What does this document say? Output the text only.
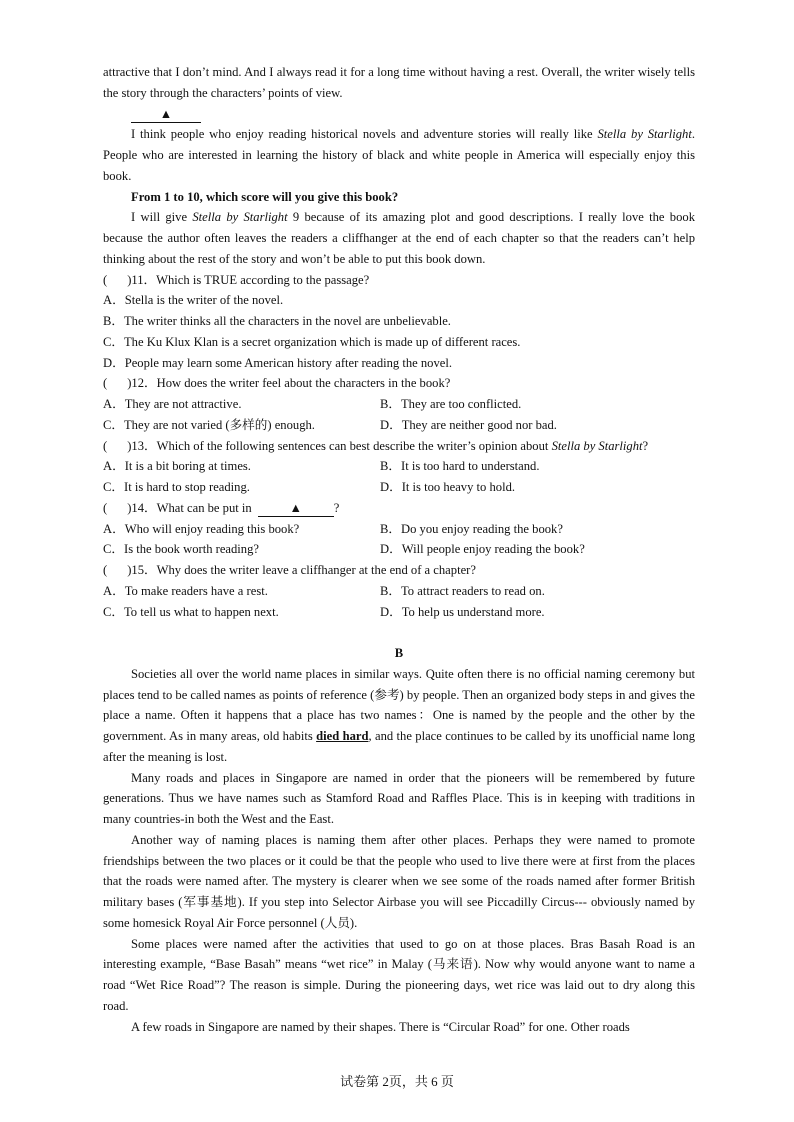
attractive that I don’t mind. And I always read it for a long time without having a rest. Overall, the writer wisely tells the story through the characters’ points of view.

▲

I think people who enjoy reading historical novels and adventure stories will really like Stella by Starlight. People who are interested in learning the history of black and white people in America will especially enjoy this book.

From 1 to 10, which score will you give this book?

I will give Stella by Starlight 9 because of its amazing plot and good descriptions. I really love the book because the author often leaves the readers a cliffhanger at the end of each chapter so that the readers can’t help thinking about the rest of the story and won’t be able to put this book down.

( )11．Which is TRUE according to the passage?

A．Stella is the writer of the novel.

B．The writer thinks all the characters in the novel are unbelievable.

C．The Ku Klux Klan is a secret organization which is made up of different races.

D．People may learn some American history after reading the novel.

( )12．How does the writer feel about the characters in the book?

A．They are not attractive.	B．They are too conflicted.
C．They are not varied (多样的) enough.	D．They are neither good nor bad.

( )13．Which of the following sentences can best describe the writer’s opinion about Stella by Starlight?

A．It is a bit boring at times.	B．It is too hard to understand.
C．It is hard to stop reading.	D．It is too heavy to hold.

( )14．What can be put in	▲	?

A．Who will enjoy reading this book?	B．Do you enjoy reading the book?
C．Is the book worth reading?	D．Will people enjoy reading the book?

( )15．Why does the writer leave a cliffhanger at the end of a chapter?

A．To make readers have a rest.	B．To attract readers to read on.
C．To tell us what to happen next.	D．To help us understand more.

B

Societies all over the world name places in similar ways. Quite often there is no official naming ceremony but places tend to be called names as points of reference (参考) by people. Then an organized body steps in and gives the place a name. Often it happens that a place has two names：One is named by the people and the other by the government. As in many areas, old habits died hard, and the place continues to be called by its unofficial name long after the meaning is lost.

Many roads and places in Singapore are named in order that the pioneers will be remembered by future generations. Thus we have names such as Stamford Road and Raffles Place. This is in keeping with traditions in many countries-in both the West and the East.

Another way of naming places is naming them after other places. Perhaps they were named to promote friendships between the two places or it could be that the people who used to live there were at first from the places that the roads were named after. The mystery is clearer when we see some of the roads named after former British military bases (军事基地). If you step into Selector Airbase you will see Piccadilly Circus--- obviously named by some homesick Royal Air Force personnel (人员).

Some places were named after the activities that used to go on at those places. Bras Basah Road is an interesting example, “Base Basah” means “wet rice” in Malay (马来语). Now why would anyone want to name a road “Wet Rice Road”? The reason is simple. During the pioneering days, wet rice was laid out to dry along this road.

A few roads in Singapore are named by their shapes. There is “Circular Road” for one. Other roads

试卷第 2页，共 6 页
